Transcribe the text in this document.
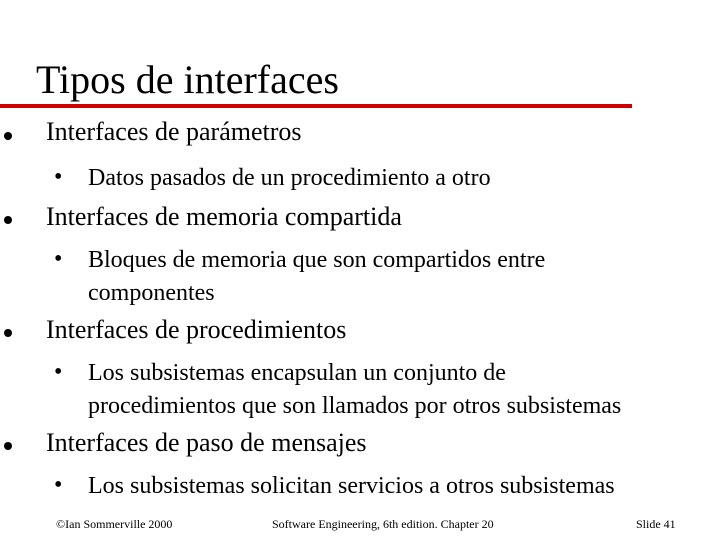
Tipos de interfaces
Interfaces de parámetros
• Datos pasados de un procedimiento a otro
Interfaces de memoria compartida
• Bloques de memoria que son compartidos entre
componentes
Interfaces de procedimientos
• Los subsistemas encapsulan un conjunto de
procedimientos que son llamados por otros subsistemas
Interfaces de paso de mensajes
• Los subsistemas solicitan servicios a otros subsistemas
©Ian Sommerville 2000	Software Engineering, 6th edition. Chapter 20	Slide 41
